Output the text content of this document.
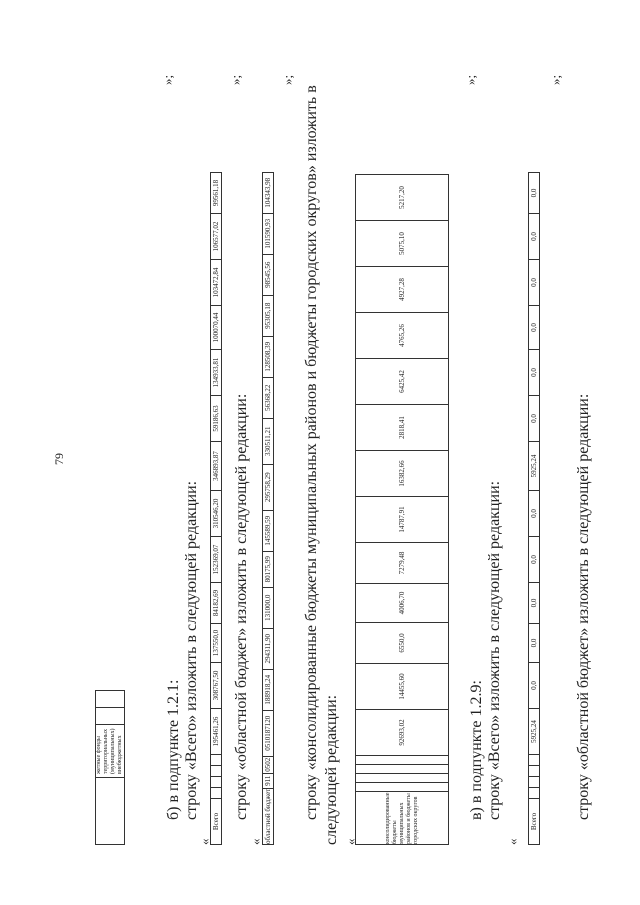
79
	жетные фонды территориальных (муниципальных) внебюджетных		
»;
б) в подпункте 1.2.1: строку «Всего» изложить в следующей редакции:
«
Всего					195461,26	308767,50	137550,0	84182,69	152369,07	310546,20	346893,87	59186,63	134933,81	100070,44	103472,84	106577,02	99561,18
»;
строку «областной бюджет» изложить в следующей редакции:
« областной бюджет	911	0502	0510187120	188918,24	294311,90	131000,0	80175,99	145589,59	295758,29	330511,21	56368,22	128508,39	95305,18	98545,56	101590,93	104343,98
»;
строку «консолидированные бюджеты муниципальных районов и бюджеты городских округов» изложить в следующей редакции: «	консолидированные бюджеты муниципальных районов и бюджеты городских округов					92693,02	14455,60	6550,0	4006,70	7279,48	14787,91	16382,66	2818,41	6425,42	4765,26	4927,28	5075,10	5217,20
»;
в) в подпункте 1.2.9: строку «Всего» изложить в следующей редакции:
«
Всего					5925,24	0,0	0,0	0,0	0,0	0,0	5925,24	0,0	0,0	0,0	0,0	0,0	0,0
»;
строку «областной бюджет» изложить в следующей редакции:
